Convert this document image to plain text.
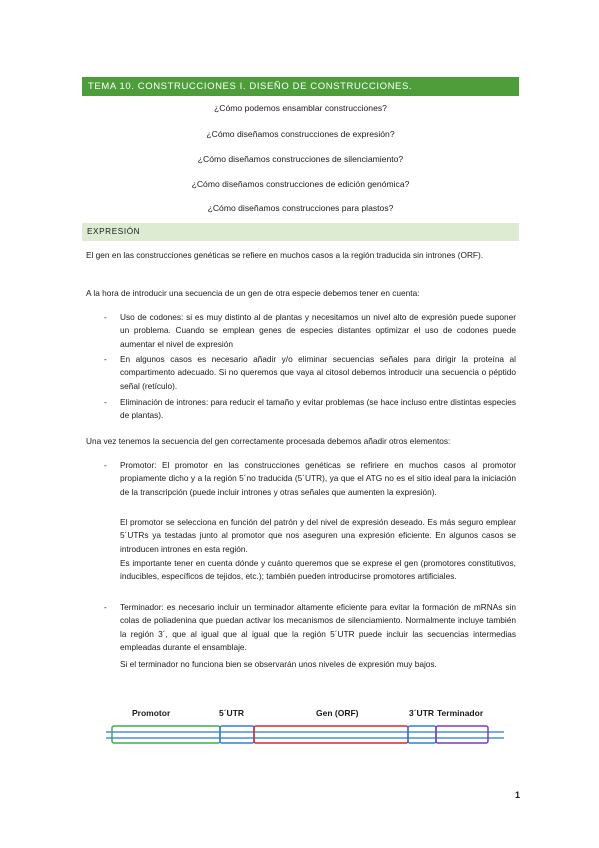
TEMA 10. CONSTRUCCIONES I. DISEÑO DE CONSTRUCCIONES.
¿Cómo podemos ensamblar construcciones?
¿Cómo diseñamos construcciones de expresión?
¿Cómo diseñamos construcciones de silenciamiento?
¿Cómo diseñamos construcciones de edición genómica?
¿Cómo diseñamos construcciones para plastos?
EXPRESIÓN

El gen en las construcciones genéticas se refiere en muchos casos a la región traducida sin intrones (ORF).

A la hora de introducir una secuencia de un gen de otra especie debemos tener en cuenta:

- Uso de codones: si es muy distinto al de plantas y necesitamos un nivel alto de expresión puede suponer un problema. Cuando se emplean genes de especies distantes optimizar el uso de codones puede aumentar el nivel de expresión
- En algunos casos es necesario añadir y/o eliminar secuencias señales para dirigir la proteína al compartimento adecuado. Si no queremos que vaya al citosol debemos introducir una secuencia o péptido señal (retículo).
- Eliminación de intrones: para reducir el tamaño y evitar problemas (se hace incluso entre distintas especies de plantas).

Una vez tenemos la secuencia del gen correctamente procesada debemos añadir otros elementos:

- Promotor: El promotor en las construcciones genéticas se refiriere en muchos casos al promotor propiamente dicho y a la región 5´no traducida (5´UTR), ya que el ATG no es el sitio ideal para la iniciación de la transcripción (puede incluir intrones y otras señales que aumenten la expresión).

El promotor se selecciona en función del patrón y del nivel de expresión deseado. Es más seguro emplear 5´UTRs ya testadas junto al promotor que nos aseguren una expresión eficiente. En algunos casos se introducen intrones en esta región.

Es importante tener en cuenta dónde y cuánto queremos que se exprese el gen (promotores constitutivos, inducibles, específicos de tejidos, etc.); también pueden introducirse promotores artificiales.

- Terminador: es necesario incluir un terminador altamente eficiente para evitar la formación de mRNAs sin colas de poliadenina que puedan activar los mecanismos de silenciamiento. Normalmente incluye también la región 3´, que al igual que al igual que la región 5´UTR puede incluir las secuencias intermedias empleadas durante el ensamblaje.

Si el terminador no funciona bien se observarán unos niveles de expresión muy bajos.

Promotor	5´UTR	Gen (ORF)	3´UTR Terminador
1
